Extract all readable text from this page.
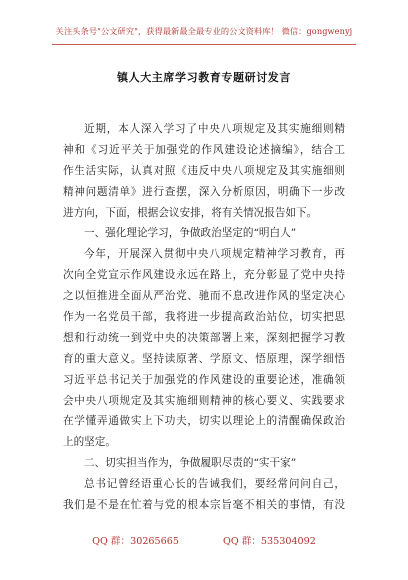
关注头条号"公文研究"，获得最新最全最专业的公文资料库！ 微信：gongwenyj
镇人大主席学习教育专题研讨发言
近期，本人深入学习了中央八项规定及其实施细则精
神和《习近平关于加强党的作风建设论述摘编》，结合工
作生活实际，认真对照《违反中央八项规定及其实施细则
精神问题清单》进行查摆，深入分析原因，明确下一步改
进方向，下面，根据会议安排，将有关情况报告如下。
一、强化理论学习，争做政治坚定的“明白人”
今年，开展深入贯彻中央八项规定精神学习教育，再
次向全党宣示作风建设永远在路上，充分彰显了党中央持
之以恒推进全面从严治党、驰而不息改进作风的坚定决心
作为一名党员干部，我将进一步提高政治站位，切实把思
想和行动统一到党中央的决策部署上来，深刻把握学习教
育的重大意义。坚持读原著、学原文、悟原理，深学细悟
习近平总书记关于加强党的作风建设的重要论述，准确领
会中央八项规定及其实施细则精神的核心要义、实践要求
在学懂弄通做实上下功夫，切实以理论上的清醒确保政治
上的坚定。
二、切实担当作为，争做履职尽责的“实干家”
总书记曾经语重心长的告诫我们，要经常问问自己，
我们是不是在忙着与党的根本宗旨毫不相关的事情，有没
QQ 群：30265665	QQ 群：535304092
